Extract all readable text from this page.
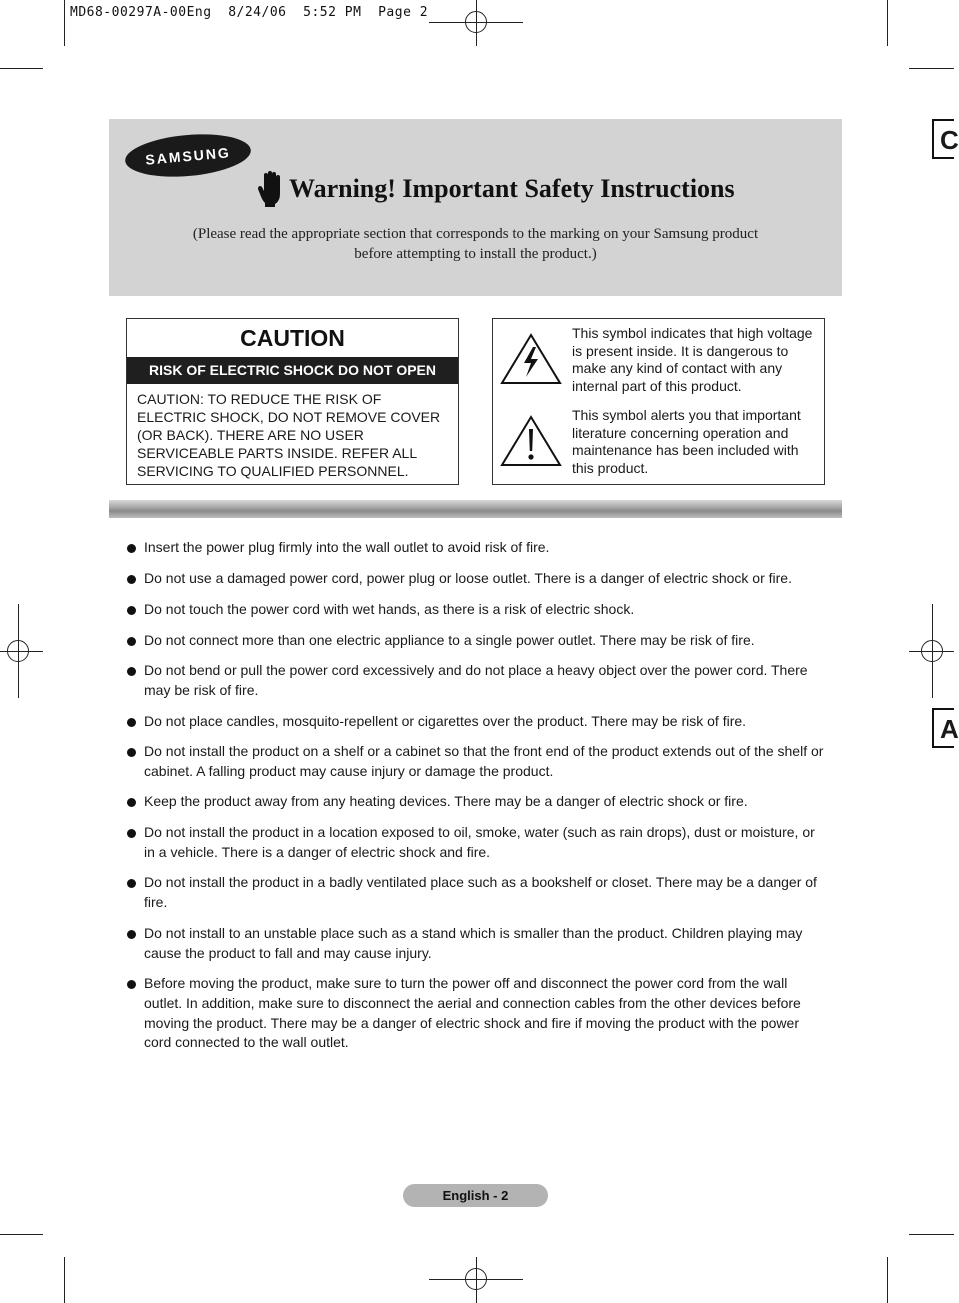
MD68-00297A-00Eng  8/24/06  5:52 PM  Page 2
C
A
SAMSUNG
Warning! Important Safety Instructions
(Please read the appropriate section that corresponds to the marking on your Samsung product
before attempting to install the product.)
CAUTION
RISK OF ELECTRIC SHOCK DO NOT OPEN
CAUTION: TO REDUCE THE RISK OF ELECTRIC SHOCK, DO NOT REMOVE COVER (OR BACK). THERE ARE NO USER SERVICEABLE PARTS INSIDE. REFER ALL SERVICING TO QUALIFIED PERSONNEL.
This symbol indicates that high voltage is present inside. It is dangerous to make any kind of contact with any internal part of this product.
This symbol alerts you that important literature concerning operation and maintenance has been included with this product.
Insert the power plug firmly into the wall outlet to avoid risk of fire.
Do not use a damaged power cord, power plug or loose outlet. There is a danger of electric shock or fire.
Do not touch the power cord with wet hands, as there is a risk of electric shock.
Do not connect more than one electric appliance to a single power outlet. There may be risk of fire.
Do not bend or pull the power cord excessively and do not place a heavy object over the power cord. There may be risk of fire.
Do not place candles, mosquito-repellent or cigarettes over the product. There may be risk of fire.
Do not install the product on a shelf or a cabinet so that the front end of the product extends out of the shelf or cabinet. A falling product may cause injury or damage the product.
Keep the product away from any heating devices. There may be a danger of electric shock or fire.
Do not install the product in a location exposed to oil, smoke, water (such as rain drops), dust or moisture, or in a vehicle. There is a danger of electric shock and fire.
Do not install the product in a badly ventilated place such as a bookshelf or closet. There may be a danger of fire.
Do not install to an unstable place such as a stand which is smaller than the product. Children playing may cause the product to fall and may cause injury.
Before moving the product, make sure to turn the power off and disconnect the power cord from the wall outlet. In addition, make sure to disconnect the aerial and connection cables from the other devices before moving the product. There may be a danger of electric shock and fire if moving the product with the power cord connected to the wall outlet.
English - 2
